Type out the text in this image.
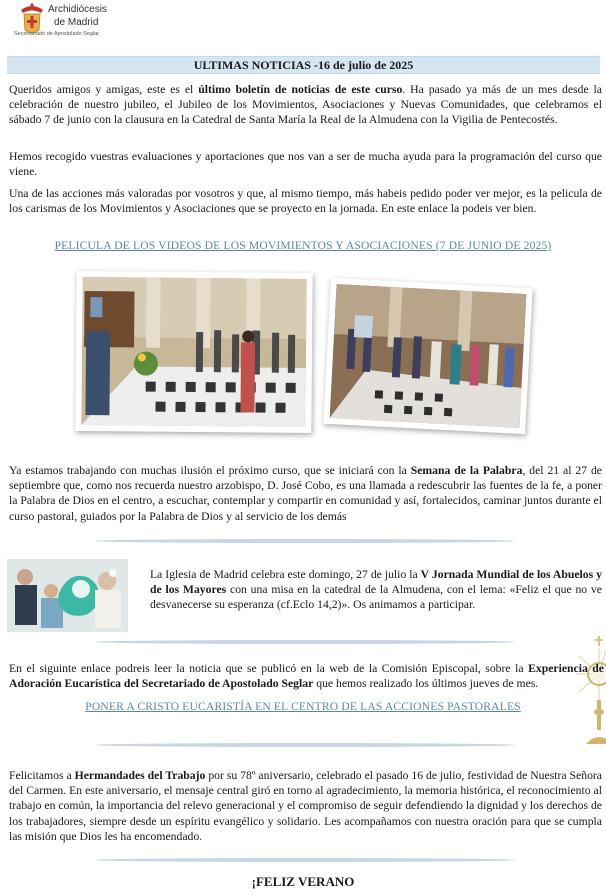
Archidiócesis
de Madrid
Secretariado de Apostolado Seglar
ULTIMAS NOTICIAS -16 de julio de 2025

Queridos amigos y amigas, este es el último boletín de noticias de este curso. Ha pasado ya más de un mes desde la celebración de nuestro jubileo, el Jubileo de los Movimientos, Asociaciones y Nuevas Comunidades, que celebramos el sábado 7 de junio con la clausura en la Catedral de Santa María la Real de la Almudena con la Vigilia de Pentecostés.

Hemos recogido vuestras evaluaciones y aportaciones que nos van a ser de mucha ayuda para la programación del curso que viene.

Una de las acciones más valoradas por vosotros y que, al mismo tiempo, más habeis pedido poder ver mejor, es la pelicula de los carismas de los Movimientos y Asociaciones que se proyecto en la jornada. En este enlace la podeis ver bien.

PELICULA DE LOS VIDEOS DE LOS MOVIMIENTOS Y ASOCIACIONES (7 DE JUNIO DE 2025)

Ya estamos trabajando con muchas ilusión el próximo curso, que se iniciará con la Semana de la Palabra, del 21 al 27 de septiembre que, como nos recuerda nuestro arzobispo, D. José Cobo, es una llamada a redescubrir las fuentes de la fe, a poner la Palabra de Dios en el centro, a escuchar, contemplar y compartir en comunidad y así, fortalecidos, caminar juntos durante el curso pastoral, guiados por la Palabra de Dios y al servicio de los demás

La Iglesia de Madrid celebra este domingo, 27 de julio la V Jornada Mundial de los Abuelos y de los Mayores con una misa en la catedral de la Almudena, con el lema: «Feliz el que no ve desvanecerse su esperanza (cf.Eclo 14,2)». Os animamos a participar.

En el siguinte enlace podreis leer la noticia que se publicó en la web de la Comisión Episcopal, sobre la Experiencia de Adoración Eucarística del Secretariado de Apostolado Seglar que hemos realizado los últimos jueves de mes.

PONER A CRISTO EUCARISTÍA EN EL CENTRO DE LAS ACCIONES PASTORALES

Felicitamos a Hermandades del Trabajo por su 78º aniversario, celebrado el pasado 16 de julio, festividad de Nuestra Señora del Carmen. En este aniversario, el mensaje central giró en torno al agradecimiento, la memoria histórica, el reconocimiento al trabajo en común, la importancia del relevo generacional y el compromiso de seguir defendiendo la dignidad y los derechos de los trabajadores, siempre desde un espíritu evangélico y solidario. Les acompañamos con nuestra oración para que se cumpla las misión que Dios les ha encomendado.

¡FELIZ VERANO
